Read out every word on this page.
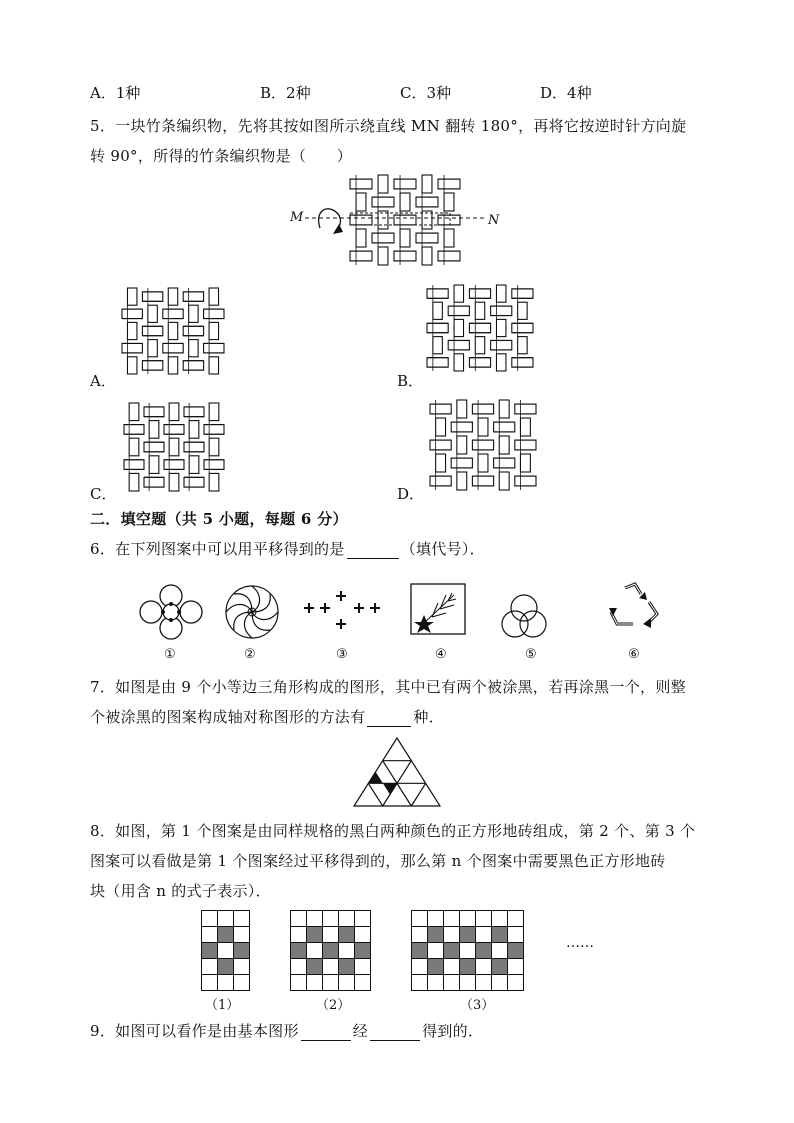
A．1种	B．2种	C．3种	D．4种
5．一块竹条编织物，先将其按如图所示绕直线 MN 翻转 180°，再将它按逆时针方向旋
转 90°，所得的竹条编织物是（　　）
M	N
A．	B．
C．	D．
二．填空题（共 5 小题，每题 6 分）
6．在下列图案中可以用平移得到的是	（填代号）．
①	②	③	④	⑤	⑥
7．如图是由 9 个小等边三角形构成的图形，其中已有两个被涂黑，若再涂黑一个，则整
个被涂黑的图案构成轴对称图形的方法有	种．
8．如图，第 1 个图案是由同样规格的黑白两种颜色的正方形地砖组成，第 2 个、第 3 个
图案可以看做是第 1 个图案经过平移得到的，那么第 n 个图案中需要黑色正方形地砖
块（用含 n 的式子表示）．
……
（1）	（2）	（3）
9．如图可以看作是由基本图形	经	得到的．
